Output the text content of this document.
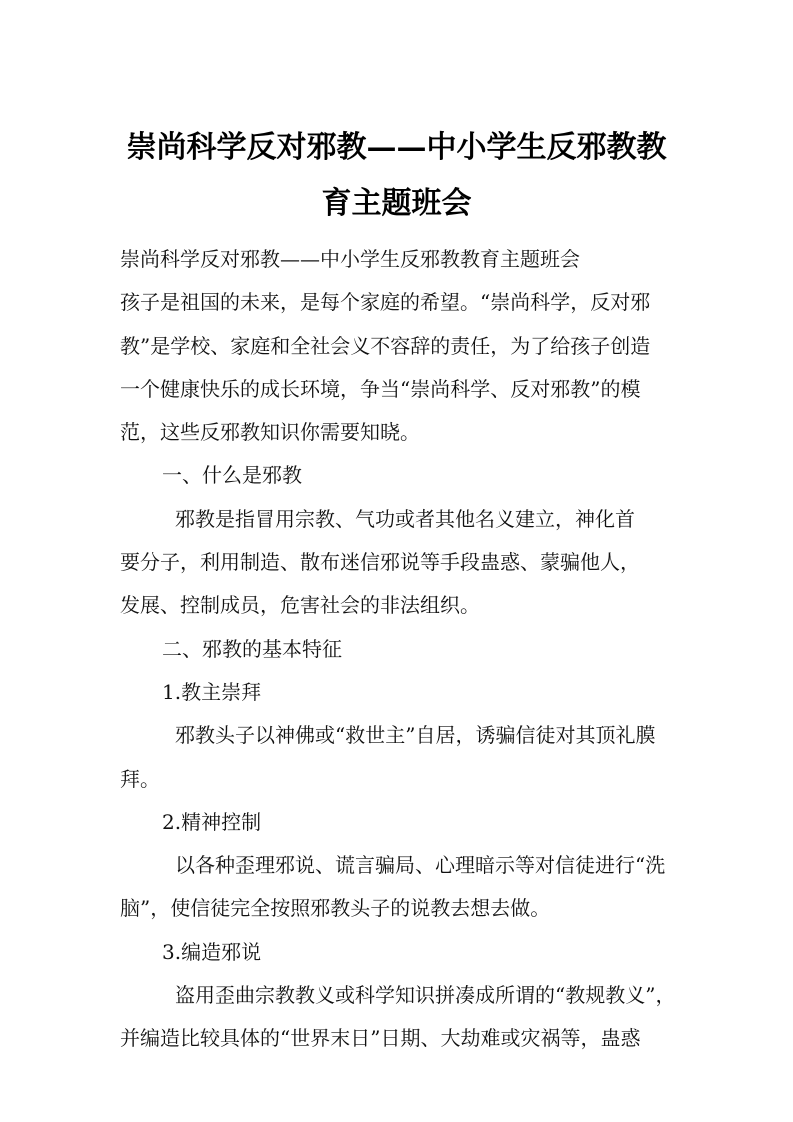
崇尚科学反对邪教——中小学生反邪教教
育主题班会
崇尚科学反对邪教——中小学生反邪教教育主题班会
孩子是祖国的未来，是每个家庭的希望。“崇尚科学，反对邪
教”是学校、家庭和全社会义不容辞的责任，为了给孩子创造
一个健康快乐的成长环境，争当“崇尚科学、反对邪教”的模
范，这些反邪教知识你需要知晓。
一、什么是邪教
邪教是指冒用宗教、气功或者其他名义建立，神化首
要分子，利用制造、散布迷信邪说等手段蛊惑、蒙骗他人，
发展、控制成员，危害社会的非法组织。
二、邪教的基本特征
1.教主崇拜
邪教头子以神佛或“救世主”自居，诱骗信徒对其顶礼膜
拜。
2.精神控制
以各种歪理邪说、谎言骗局、心理暗示等对信徒进行“洗
脑”，使信徒完全按照邪教头子的说教去想去做。
3.编造邪说
盗用歪曲宗教教义或科学知识拼凑成所谓的“教规教义”，
并编造比较具体的“世界末日”日期、大劫难或灾祸等，蛊惑
